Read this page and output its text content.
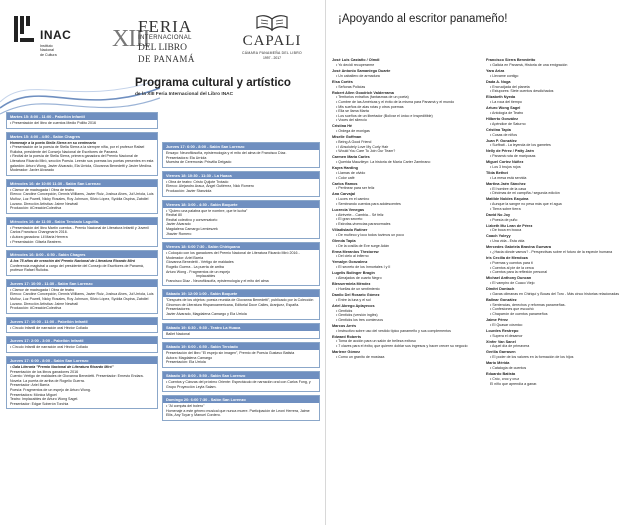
INAC
Instituto
Nacional
de Cultura
XIII
FERIA
INTERNACIONAL
DEL LIBRO
DE PANAMÁ
CAPALI
CÁMARA PANAMEÑA DEL LIBRO
1997 - 2017
Programa cultural y artístico
de la XIII Feria Internacional del Libro INAC
Martes 15: 8:00 - 11:00 - Pabellón Infantil

• Presentación del libro de cuentos Medio Pollito 2016

Martes 15: 4:00 - 4:50 - Salón Chagres

Homenaje a la poeta Stella Sierra en su centenario

• Presentación de la poesía de Stella Sierra a la siempre niña, por el profesor Rafael Ruiloba, presidente del Consejo Nacional de Escritores de Panamá.

• Recital de la poesía de Stella Sierra, primera ganadora del Premio Nacional de Literatura Ricardo Miró, sección Poesía. Leerán sus poemas los poetas presentes en esta galardón: Arturo Wong, Javier Alvarado, Ela Urriola, Giovanna Benedetti y Javier Medina. Moderador: Javier Alvarado

Miércoles 16: de 10:00 11:30 - Salón San Lorenzo

• Clamor de madrugada / Obra de teatro

Elenco: Caroline Concepción, Dennis Williams, Javier Ruiz, Joshua Alves, Jul Urriola, Luis Muñoz, Luz Powell, Nicky Rosales, Roy Johnson, Silvio López, Syddia Ospina, Zabdiel Lozano. Dirección Artística: Jaime Newball

Producción: #CreaciónColectiva

Miércoles 16: de 11:00 - Salón Terciado Laguilla.

• Presentación del libro Martín cuentos - Premio Nacional de Literatura Infantil y Juvenil Carlos Francisco Changmarín 2016.

• Autora ganadora: Lil Maria Herrera

• Presentación: Gilsela Beatrem.

Miércoles 16: 8:00 - 6:50 - Salón Chagres

A los 75 años de creación del Premio Nacional de Literatura Ricardo Miró

Conferencia magistral a cargo del presidente del Consejo de Escritores de Panamá, profesor Rafael Ruiloba.

Jueves 17: 10:00 - 11:30 - Salón San Lorenzo

• Clamor de madrugada / Obra de teatro

Elenco: Caroline Concepción, Dennis Williams, Javier Ruiz, Joshua Alves, Jul Urriola, Luis Muñoz, Luz Powell, Nicky Rosales, Roy Johnson, Silvio López, Syddia Ospina, Zabdiel Lozano. Dirección Artística: Jaime Newball

Producción: #CreaciónColectiva

Jueves 17: 10:00 - 11:00 - Pabellón Infantil

• Círculo Infantil de narración oral Héctor Collado

Jueves 17: 2:00 - 3:00 - Pabellón Infantil

• Círculo Infantil de narración oral Héctor Collado

Jueves 17: 6:00 - 8:00 - Salón San Lorenzo

• Gala Literaria "Premio Nacional de Literatura Ricardo Miró"

Presentación de los libros ganadores 2016

Cuento: Vértigo de maldades de Giovanna Benedetti. Presentador: Ernesto Endara.

Novela: La puerta de arriba de Rogelio Guerra.

Presentador: Ariel Barría

Poesía: Fragmentos de un espejo de Arturo Wong.

Presentadora: Mónica Miguel

Teatro: Implacables de Arturo Wong Sagel.

Presentador: Edgar Soberón Torchia

Jueves 17: 6:00 - 8:00 - Salón San Lorenzo

Ensayo: Neurofilosofía, epistemología y el mito del alma de Francisco Díaz.

Presentadora: Ela Urriola

Muestra de Ceremonia: Prisvilla Delgado

Viernes 18: 10:30 - 11:30 - La Huaca

• Obra de teatro: Cristo Quijote Trotado

Elenco: Alejandro Arauz, Ángel Gutiérrez, Nick Romero

Producción: Javier Stanziola

Viernes 18: 3:00 - 4:30 - Salón Boquete

• "Quiero una palabra que te nombre, que te lucha"

Recital 80

Recital colectivo y conversatorio

Javier Alvarado

Magdalena Camargo Lemieszek

Jhavier Romero

Viernes 18: 6:00 7:30 - Salón Chiriquano

• Coloquio con los ganadores del Premio Nacional de Literatura Ricardo Miró 2016 - Moderador: Ariel Barría

Giovanna Benedetti - Vértigo de maldades

Rogelio Guerra - La puerta de arriba

Arturo Wong - Fragmentos de un espejo

Implacables

Francisco Díaz - Neurofilosofía, epistemología y el mito del alma

Sábado 19: 12:00 1:00 - Salón Boquete

"Después de los objetos: poesía reunida de Giovanna Benedetti", publicado por la Colección Ginomon de Literatura Hispanoamericana, Editorial Doce Calles, Aranjuez, España.

Presentadores:

Javier Alvarado, Magdalena Camargo y Ela Urriola

Sábado 19: 6:30 - 9:30 - Teatro La Huaca

Ballet Nacional

Sábado 19: 6:00 - 6:50 - Salón Terciado

Presentación del libro "El espejo sin imagen", Premio de Poesía Gustavo Batista

Autora: Magdalena Camargo

Presentación: Ela Urriola

Sábado 19: 8:00 - 5:50 - Salón San Lorenzo

• Cuentos y Cánzas del próximo Oriente: Espectáculo de narración oral con Carlos Fong, y Grupo Proyección Leyla Salam.

Domingo 20: 6:00 7:30 - Salón San Lorenzo

• "Al compás del bolero"

Homenaje a este género musical que nunca muere. Participación de Leoni Herrera, Jaime Ellis, Any Toyar y Manuel Cordero.

¡Apoyando al escritor panameño!
José Luis Castaño / Olmdi
• Yo decidí recuperarme
José Antonio Samaniego Duarte
• Un caballero de armadura
Elsa Cortés
• Señoras Policías
Robert Allen Goodrich Valderrama
• Territorios extraños (fantasmas de un poeta)
• Cumbre de las Américas y el éxito de la misma para Panamá y el mundo
• Mis sueños de alas rotas y otros poemas
• Ella se llama Marta
• Los sueños de un libertador (Bolívar el único e Inspeditible)
• Voces del silencio
Cristina Hé
• Ordega de monigas
Miselle Goffman
• Being A Good Friend
• I Absolutely Love My Curly Hair
• Would You Care To Join Our Team?
Carmen Maria Carles
• Querida Mauzileyn: La historia de María Carter Zambrano
Kayra Harding
• Llamas de olvido
• Color café
Carlos Ramos
• Pertinear para ser feliz
Ana Carvajal
• Luces en el camino
• Sembrando cuentos para adolescentes
Lucrecia Venegas
• Atrévete... Cambia... Sé feliz
• El gran secreto
• Estrofas-vivencias paranormales
Villadislado Rutiner
• De muñeco y loco todos tuvimos un poco
Glenda Tapia
• De la cosilla de Eve surge Adán
Erma Meranlos Thrstorew
• Del cielo al infierno
Yemalyn Gonzalenz
• El secreto de los Inmortales I y II
Lugelis Bolinger Bragin
• Almajados de cuarto Negro
Blessermiela Méndez
• Huellas de un sentimiento
Danilo Del Rosario Gómez
• Entre la luna y el sol
Ariel Abrego Aplayecos
• Genticks
• Genticks (versión inglés)
• Genticks los tres comienzos
Marcos Arrés
• Instructivo sobre uso del vestido típico panameño y sus complementos
Edward Roberts
• Toma de acción para un salón de belleza exitoso
• 7 claves para el éxito¡ que quieren doblar sus ingresos y hacer crecer su negocio
Marlene Gómez
• Como un granito de mostaza
Francisco Sierra Benedetto
• Galicia en Panamá, Historia de una emigración
Yara Ariza
• Llevame contigo
Dada A. Noga
• Encrucijada del planeta
• Estupores: Siete cuentos desdichados
Elizabeth Nyeda
• La roca del tiempo
Arturo Wong Sagel
• Antología de Teatro
Hilberto González
• Apéndice de Saturno
Cristina Tapia
• Cosas de niños
Juan P. González
• Surfbait - La leyenda de los gametes
Nelly de Pérez / Patty Jaén
• Panamá ruta de mariposas
Miguel Cortez Núñez
• Los 3 brujos rojos
Tilda Bethot
• La mesa está servida
Martina Jaén Sánchez
• El hombre de la casa
• Décimas de mi campiña / segunda edición
Matilde Nobles Ezquina
• Aunque la sangre no pesa más que el agua
• Tierra sobre tierra
David No Joy
• Poesía de puño
Lizbeth Mu Lean de Pérez
• De boca en bocca
Coach Yoleyy
• Una vida - Esta vida
Mercedes Gabriela Bravina Guevara
• ¿Hacia dónde vamos? - Perspectivas sobre el futuro de la especie humana
Iris Cecilia de Mendoza
• Poemas y cuentos para ti
• Cuentos al pie de la cerca
• Cuentos para la reflexión personal
Michael Anthony Duncan
• El vampiro de Cuaco Viejo
Dimitri Dontach
• Gavas olimanas en Chiriquí y Bocas del Toro - Más cinco historias relacionadas
Ballnar González
• Sentencias, derechos y reformas panameñas.
• Confesiones que escuchó
• Chaparrón de cuentos panameños
Jaime Pérez
• El Quasar cósmico
Lourdes Restrepo
• Supera el desamor
Xinfer Van Sanel
• Aquel día de primavera
Gerilla Garrasen
• El poder de los valores en la formación de los hijos
Mario Mérida
• Catalogía de cuentos
Eduardo Batista
• Cróc, croc y cruz
El niño que aprendía a ganar.
